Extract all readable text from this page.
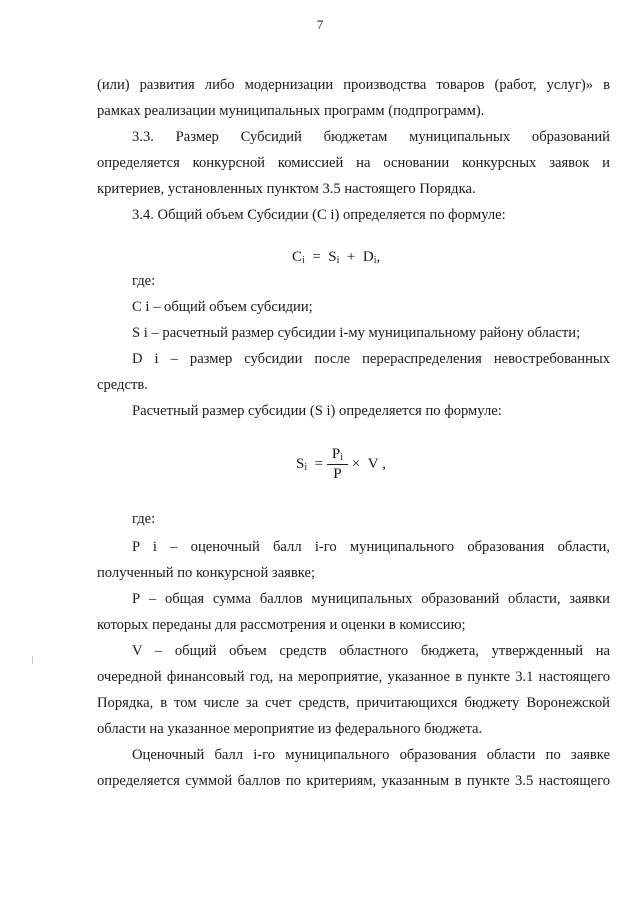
7
(или) развития либо модернизации производства товаров (работ, услуг)» в
рамках реализации муниципальных программ (подпрограмм).
3.3. Размер Субсидий бюджетам муниципальных образований
определяется конкурсной комиссией на основании конкурсных заявок и
критериев, установленных пунктом 3.5 настоящего Порядка.
3.4. Общий объем Субсидии (С i) определяется по формуле:
Сi = Si + Di,
где:
С i – общий объем субсидии;
S i – расчетный размер субсидии i-му муниципальному району области;
D i – размер субсидии после перераспределения невостребованных
средств.
Расчетный размер субсидии (S i) определяется по формуле:
$Si = \frac{Pi}{P} \times V$ ,
где:
P i – оценочный балл i-го муниципального образования области,
полученный по конкурсной заявке;
Р – общая сумма баллов муниципальных образований области, заявки
которых переданы для рассмотрения и оценки в комиссию;
V – общий объем средств областного бюджета, утвержденный на
очередной финансовый год, на мероприятие, указанное в пункте 3.1 настоящего
Порядка, в том числе за счет средств, причитающихся бюджету Воронежской
области на указанное мероприятие из федерального бюджета.
Оценочный балл i-го муниципального образования области по заявке
определяется суммой баллов по критериям, указанным в пункте 3.5 настоящего
